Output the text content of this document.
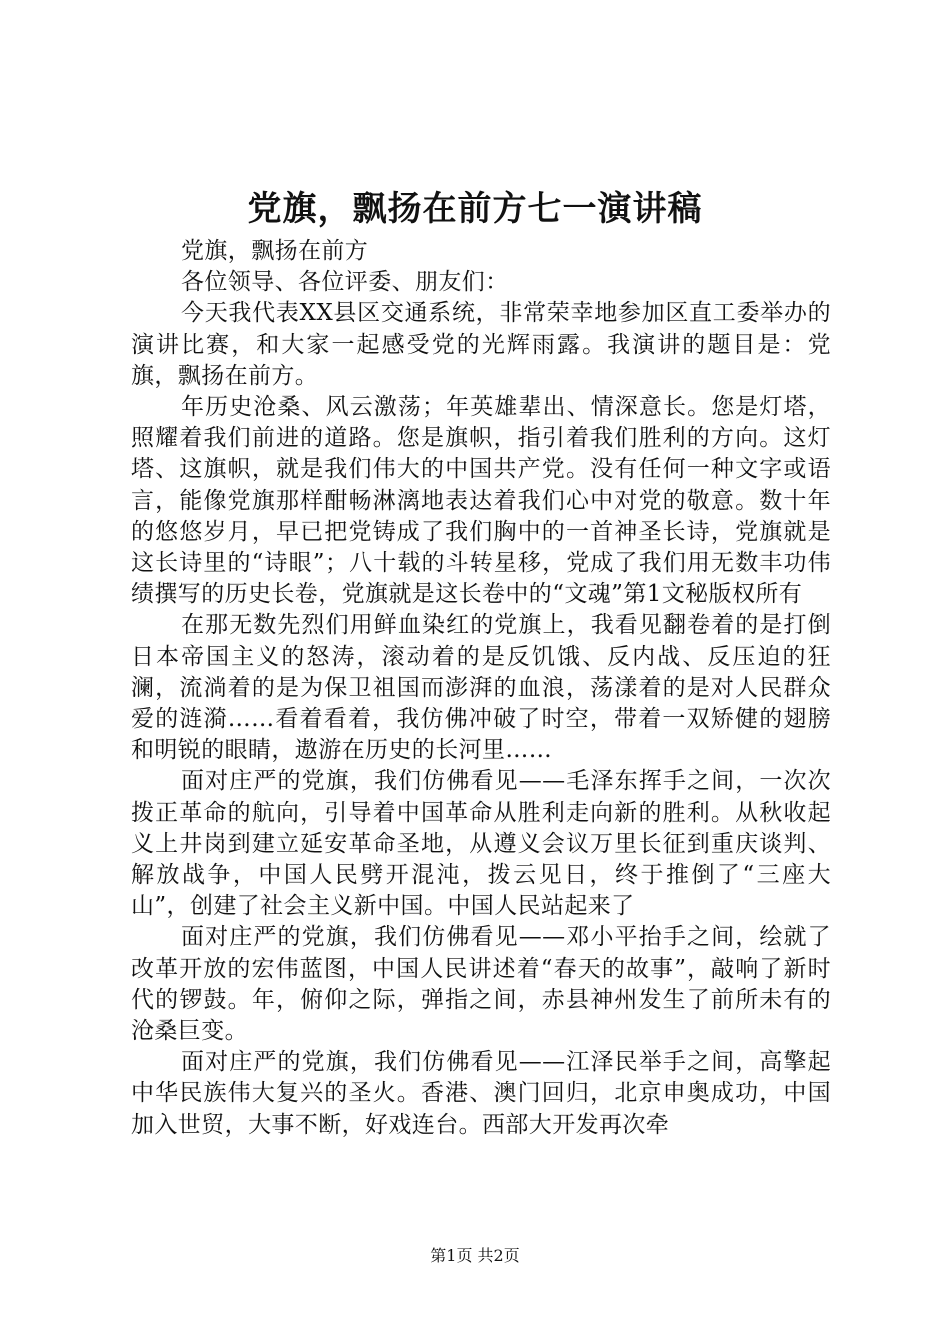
党旗，飘扬在前方七一演讲稿

党旗，飘扬在前方

各位领导、各位评委、朋友们：

今天我代表XX县区交通系统，非常荣幸地参加区直工委举办的演讲比赛，和大家一起感受党的光辉雨露。我演讲的题目是：党旗，飘扬在前方。

年历史沧桑、风云激荡；年英雄辈出、情深意长。您是灯塔，照耀着我们前进的道路。您是旗帜，指引着我们胜利的方向。这灯塔、这旗帜，就是我们伟大的中国共产党。没有任何一种文字或语言，能像党旗那样酣畅淋漓地表达着我们心中对党的敬意。数十年的悠悠岁月，早已把党铸成了我们胸中的一首神圣长诗，党旗就是这长诗里的“诗眼”；八十载的斗转星移，党成了我们用无数丰功伟绩撰写的历史长卷，党旗就是这长卷中的“文魂”第1文秘版权所有

在那无数先烈们用鲜血染红的党旗上，我看见翻卷着的是打倒日本帝国主义的怒涛，滚动着的是反饥饿、反内战、反压迫的狂澜，流淌着的是为保卫祖国而澎湃的血浪，荡漾着的是对人民群众爱的涟漪……看着看着，我仿佛冲破了时空，带着一双矫健的翅膀和明锐的眼睛，遨游在历史的长河里……

面对庄严的党旗，我们仿佛看见——毛泽东挥手之间，一次次拨正革命的航向，引导着中国革命从胜利走向新的胜利。从秋收起义上井岗到建立延安革命圣地，从遵义会议万里长征到重庆谈判、解放战争，中国人民劈开混沌，拨云见日，终于推倒了“三座大山”，创建了社会主义新中国。中国人民站起来了

面对庄严的党旗，我们仿佛看见——邓小平抬手之间，绘就了改革开放的宏伟蓝图，中国人民讲述着“春天的故事”，敲响了新时代的锣鼓。年，俯仰之际，弹指之间，赤县神州发生了前所未有的沧桑巨变。

面对庄严的党旗，我们仿佛看见——江泽民举手之间，高擎起中华民族伟大复兴的圣火。香港、澳门回归，北京申奥成功，中国加入世贸，大事不断，好戏连台。西部大开发再次牵

第1页 共2页
